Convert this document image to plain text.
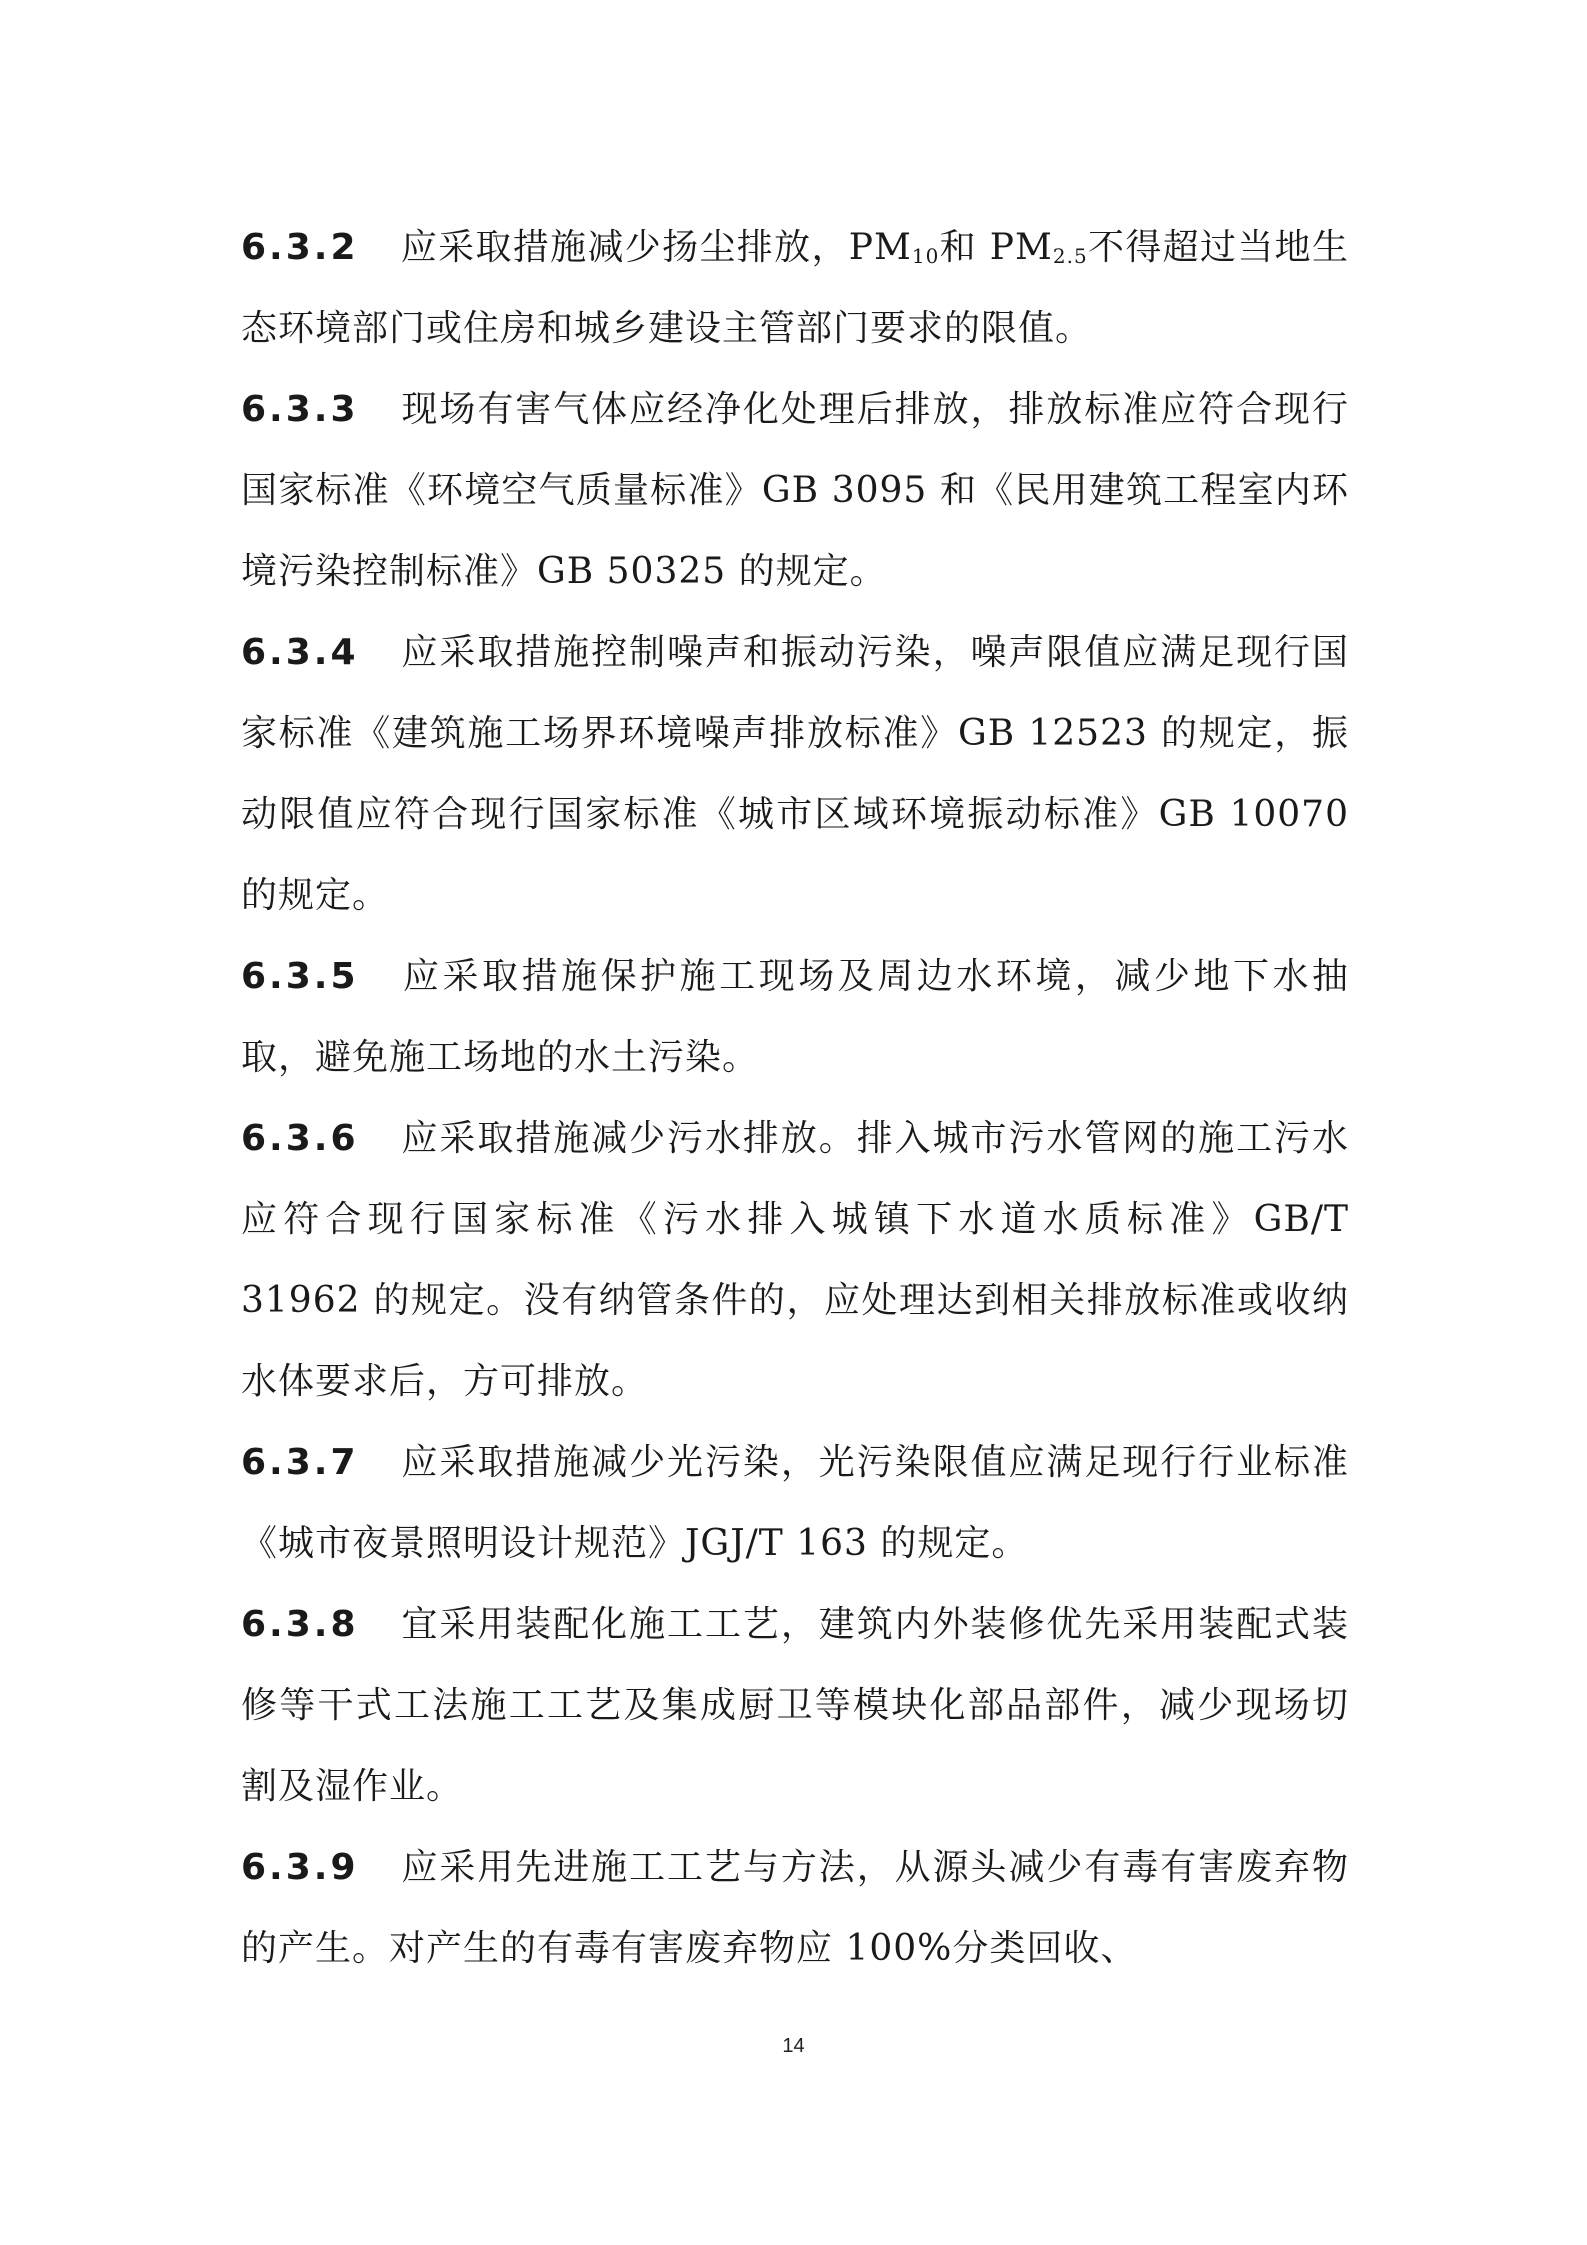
6.3.2 应采取措施减少扬尘排放，$PM_{10}$和 $PM_{2.5}$不得超过当地生态环境部门或住房和城乡建设主管部门要求的限值。

6.3.3 现场有害气体应经净化处理后排放，排放标准应符合现行国家标准《环境空气质量标准》GB 3095 和《民用建筑工程室内环境污染控制标准》GB 50325 的规定。

6.3.4 应采取措施控制噪声和振动污染，噪声限值应满足现行国家标准《建筑施工场界环境噪声排放标准》GB 12523 的规定，振动限值应符合现行国家标准《城市区域环境振动标准》GB 10070 的规定。

6.3.5 应采取措施保护施工现场及周边水环境，减少地下水抽取，避免施工场地的水土污染。

6.3.6 应采取措施减少污水排放。排入城市污水管网的施工污水应符合现行国家标准《污水排入城镇下水道水质标准》GB/T 31962 的规定。没有纳管条件的，应处理达到相关排放标准或收纳水体要求后，方可排放。

6.3.7 应采取措施减少光污染，光污染限值应满足现行行业标准《城市夜景照明设计规范》JGJ/T 163 的规定。

6.3.8 宜采用装配化施工工艺，建筑内外装修优先采用装配式装修等干式工法施工工艺及集成厨卫等模块化部品部件，减少现场切割及湿作业。

6.3.9 应采用先进施工工艺与方法，从源头减少有毒有害废弃物的产生。对产生的有毒有害废弃物应 100%分类回收、

14
